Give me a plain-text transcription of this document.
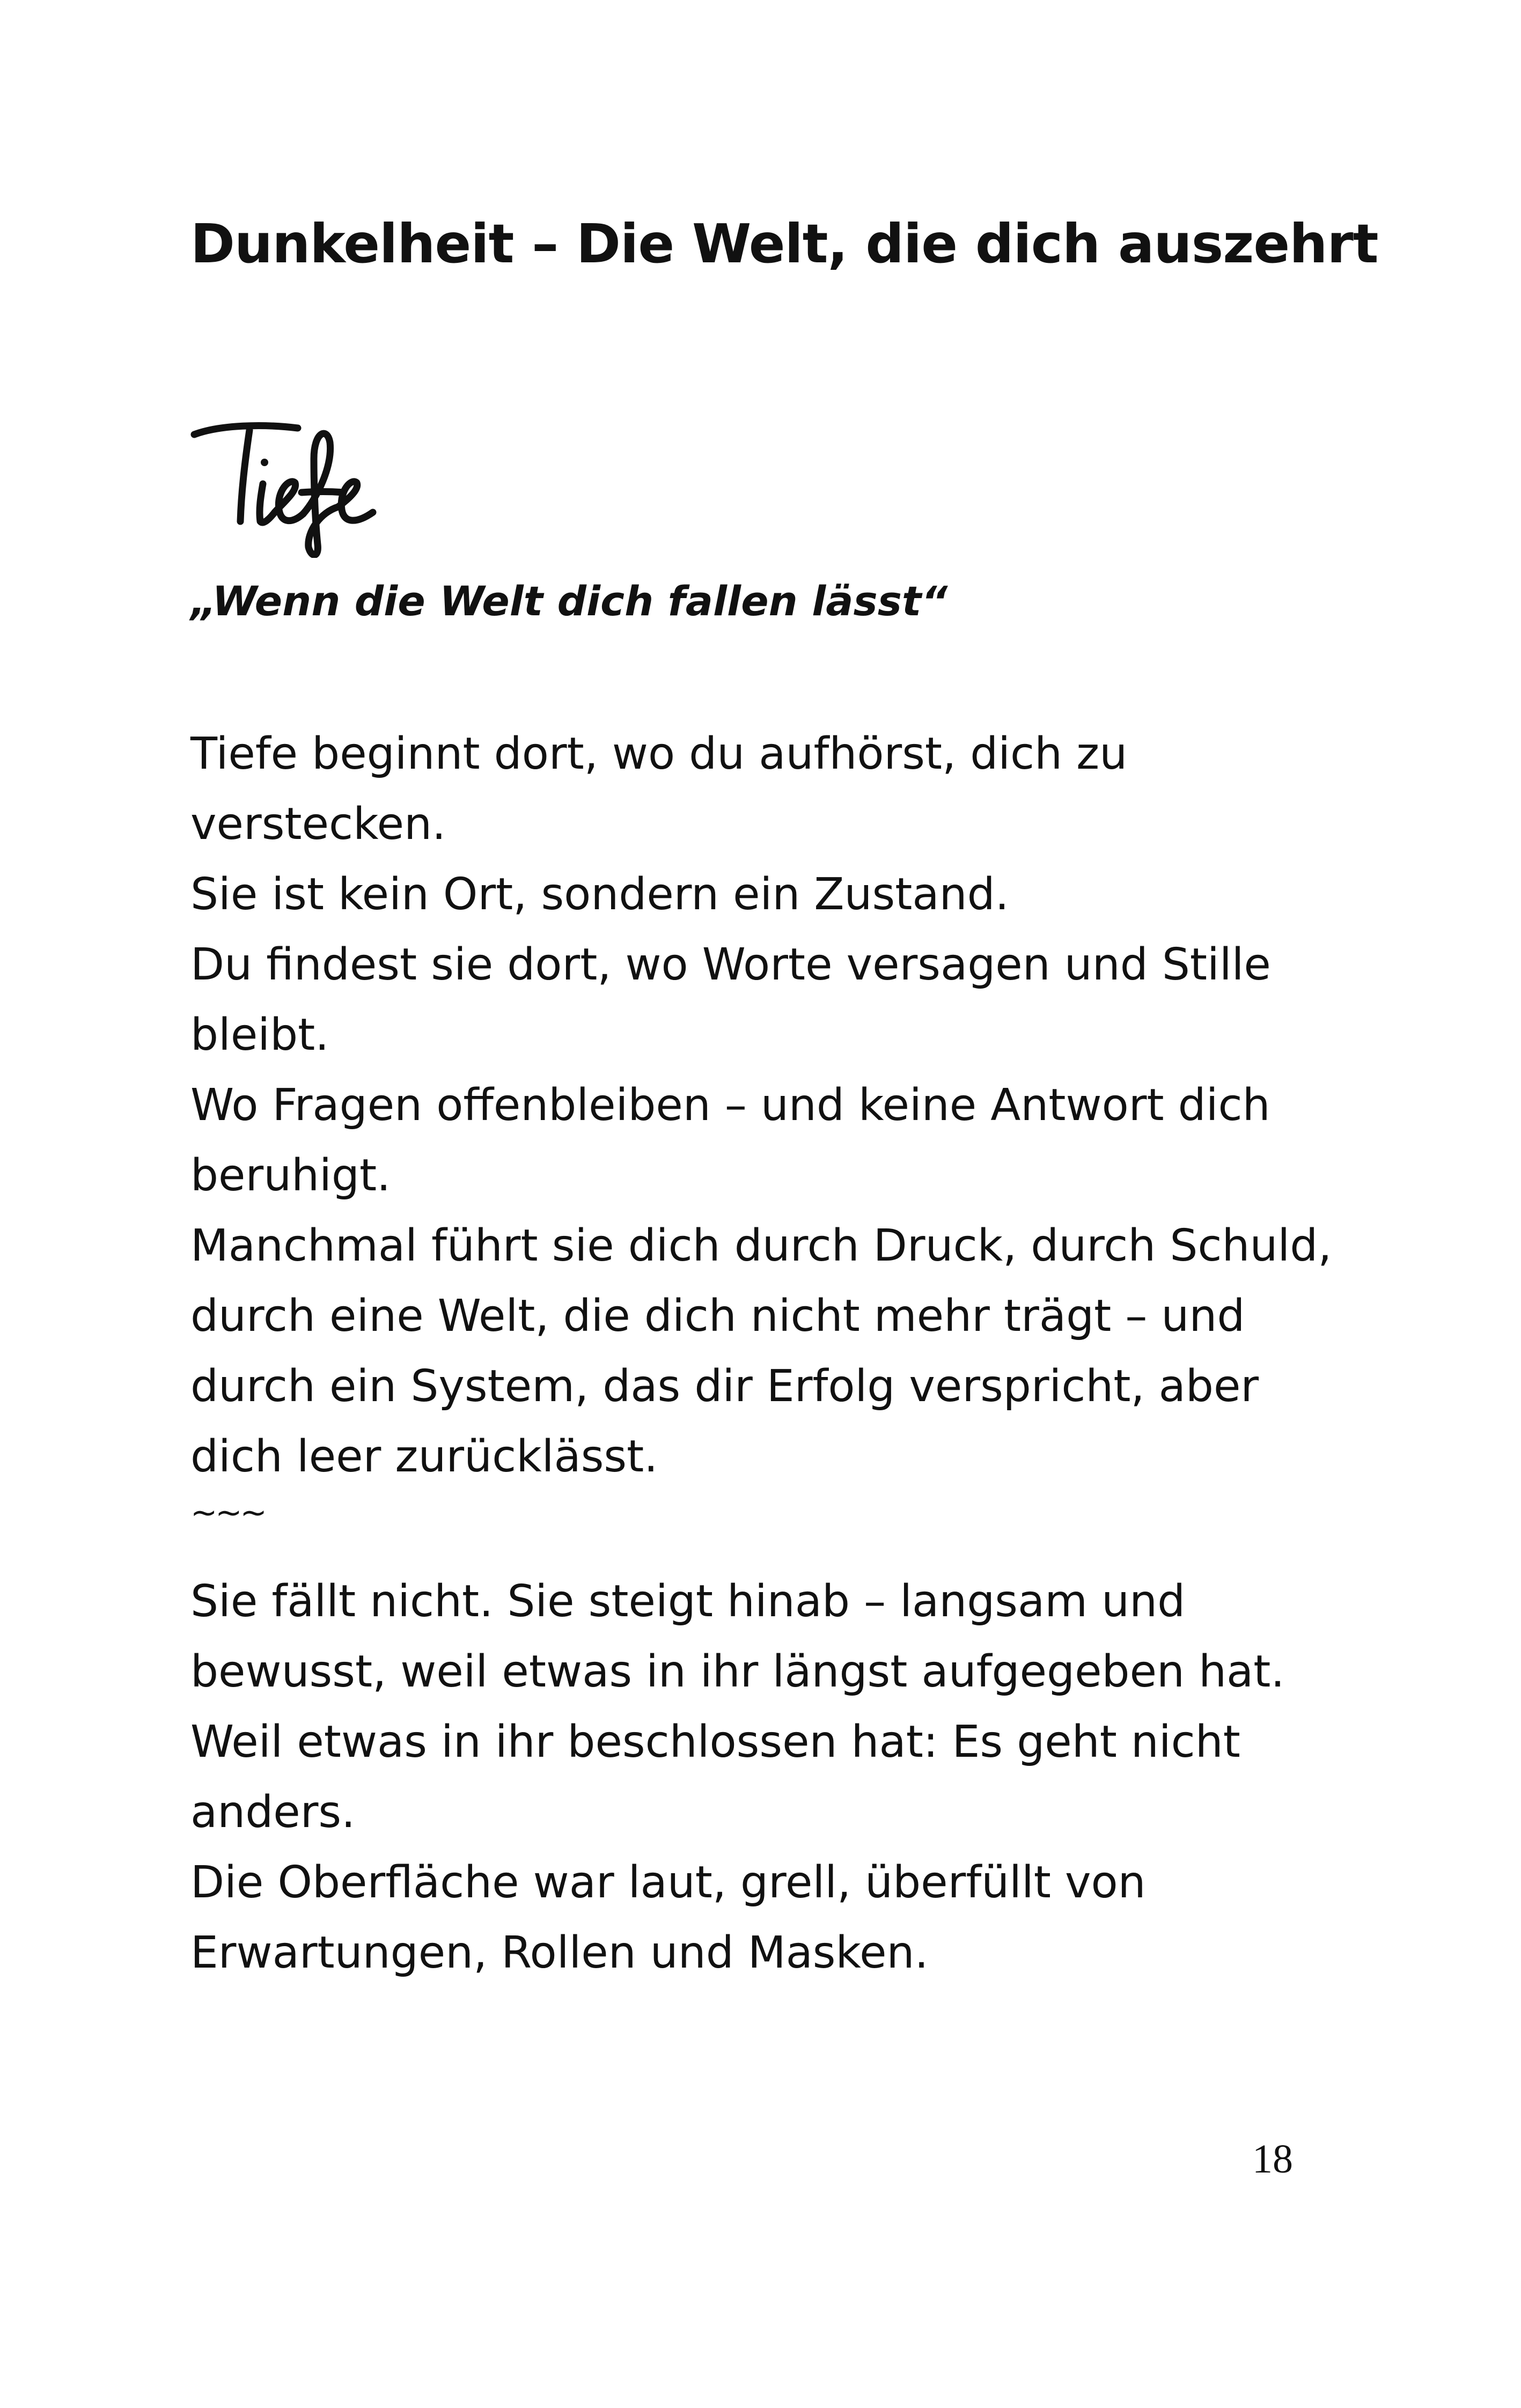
Dunkelheit – Die Welt, die dich auszehrt
„Wenn die Welt dich fallen lässt“

Tiefe beginnt dort, wo du aufhörst, dich zu verstecken.

Sie ist kein Ort, sondern ein Zustand.

Du findest sie dort, wo Worte versagen und Stille bleibt.

Wo Fragen offenbleiben – und keine Antwort dich beruhigt.

Manchmal führt sie dich durch Druck, durch Schuld, durch eine Welt, die dich nicht mehr trägt – und durch ein System, das dir Erfolg verspricht, aber dich leer zurücklässt.

~~~

Sie fällt nicht. Sie steigt hinab – langsam und bewusst, weil etwas in ihr längst aufgegeben hat.

Weil etwas in ihr beschlossen hat: Es geht nicht anders.

Die Oberfläche war laut, grell, überfüllt von Erwartungen, Rollen und Masken.

18
